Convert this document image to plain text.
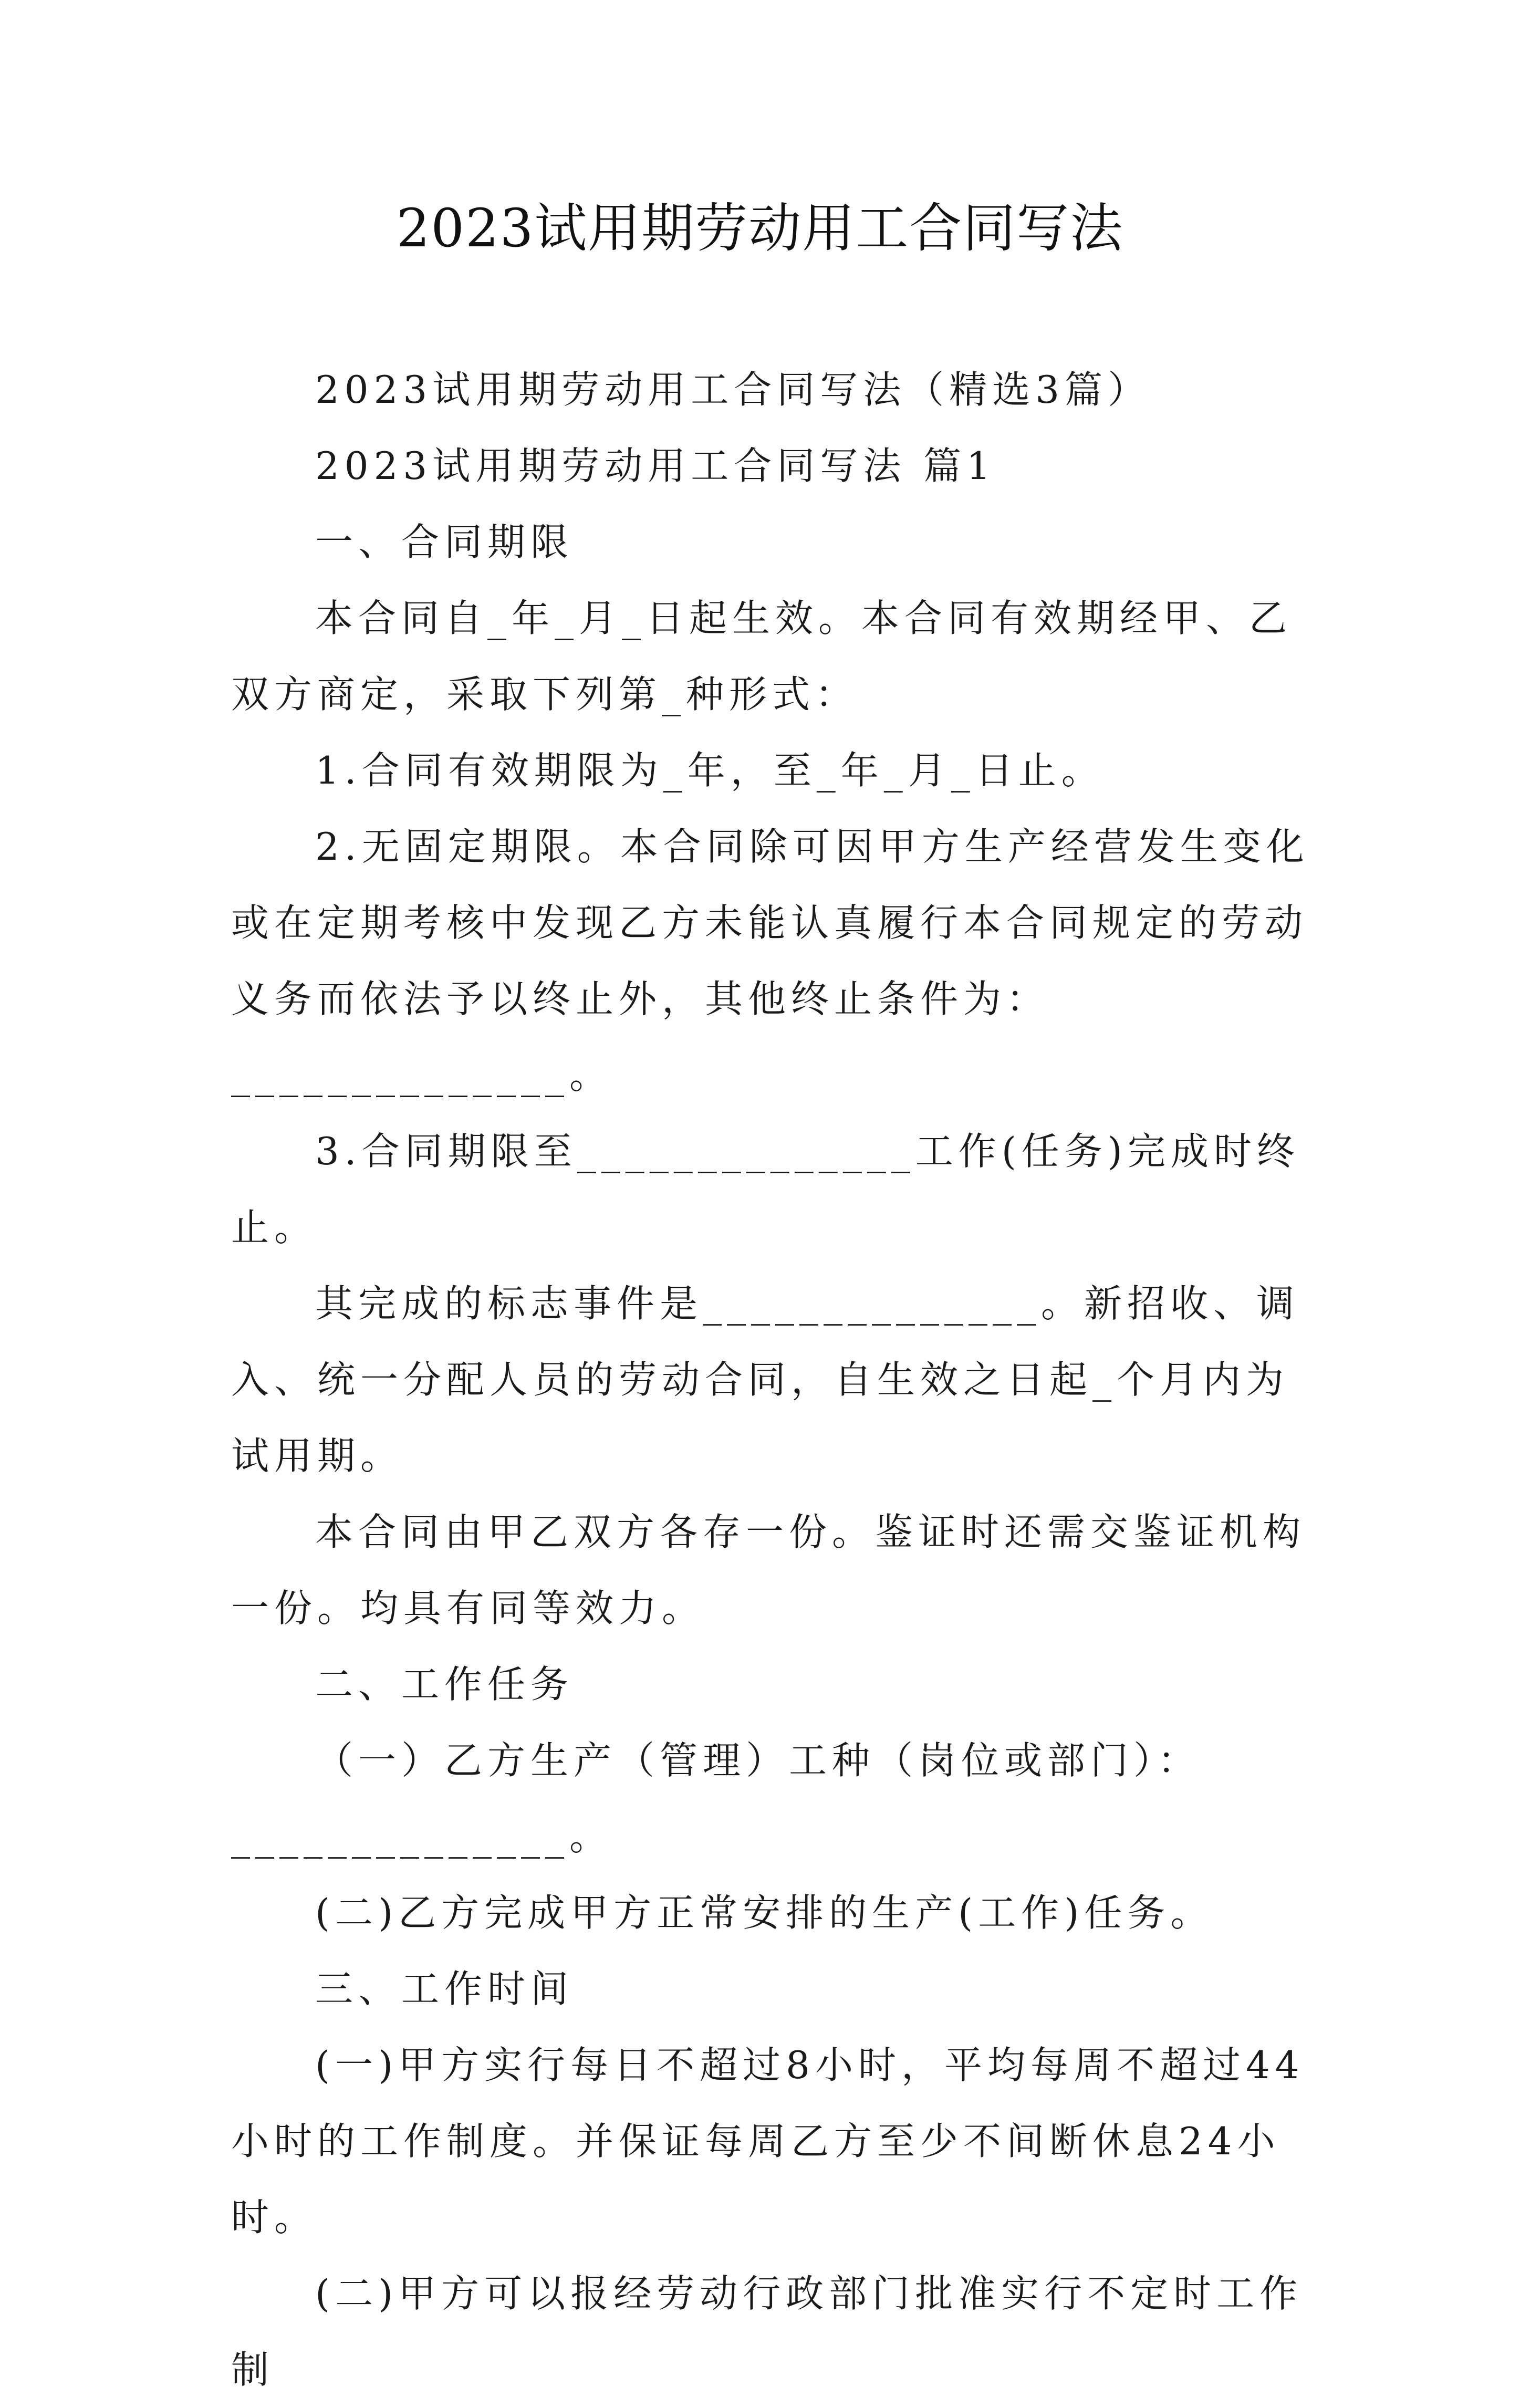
2023试用期劳动用工合同写法

2023试用期劳动用工合同写法（精选3篇）

2023试用期劳动用工合同写法 篇1

一、合同期限

本合同自_年_月_日起生效。本合同有效期经甲、乙双方商定，采取下列第_种形式：

1.合同有效期限为_年，至_年_月_日止。

2.无固定期限。本合同除可因甲方生产经营发生变化或在定期考核中发现乙方未能认真履行本合同规定的劳动义务而依法予以终止外，其他终止条件为：______________。

3.合同期限至______________工作(任务)完成时终止。

其完成的标志事件是______________。新招收、调入、统一分配人员的劳动合同，自生效之日起_个月内为试用期。

本合同由甲乙双方各存一份。鉴证时还需交鉴证机构一份。均具有同等效力。

二、工作任务

（一）乙方生产（管理）工种（岗位或部门）：______________。

(二)乙方完成甲方正常安排的生产(工作)任务。

三、工作时间

(一)甲方实行每日不超过8小时，平均每周不超过44小时的工作制度。并保证每周乙方至少不间断休息24小时。

(二)甲方可以报经劳动行政部门批准实行不定时工作制
